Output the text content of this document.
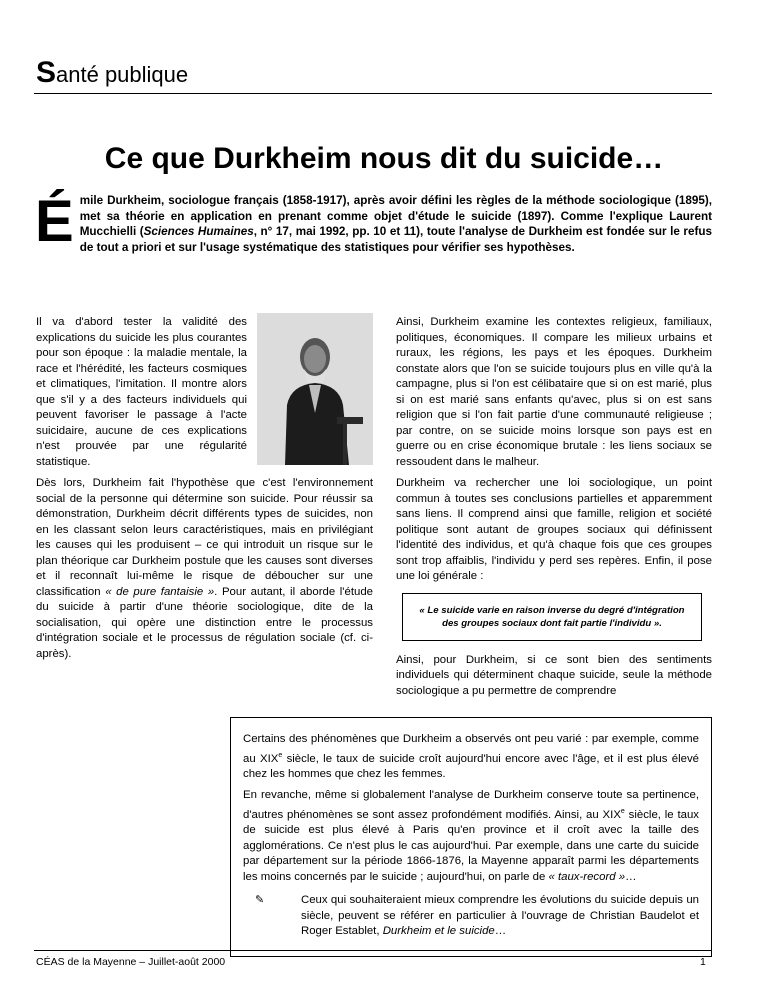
Santé publique
Ce que Durkheim nous dit du suicide…
Émile Durkheim, sociologue français (1858-1917), après avoir défini les règles de la méthode sociologique (1895), met sa théorie en application en prenant comme objet d'étude le suicide (1897). Comme l'explique Laurent Mucchielli (Sciences Humaines, n° 17, mai 1992, pp. 10 et 11), toute l'analyse de Durkheim est fondée sur le refus de tout a priori et sur l'usage systématique des statistiques pour vérifier ses hypothèses.

Il va d'abord tester la validité des explications du suicide les plus courantes pour son époque : la maladie mentale, la race et l'hérédité, les facteurs cosmiques et climatiques, l'imitation. Il montre alors que s'il y a des facteurs individuels qui peuvent favoriser le passage à l'acte suicidaire, aucune de ces explications n'est prouvée par une régularité statistique.

Dès lors, Durkheim fait l'hypothèse que c'est l'environnement social de la personne qui détermine son suicide. Pour réussir sa démonstration, Durkheim décrit différents types de suicides, non en les classant selon leurs caractéristiques, mais en privilégiant les causes qui les produisent – ce qui introduit un risque sur le plan théorique car Durkheim postule que les causes sont diverses et il reconnaît lui-même le risque de déboucher sur une classification « de pure fantaisie ». Pour autant, il aborde l'étude du suicide à partir d'une théorie sociologique, dite de la socialisation, qui opère une distinction entre le processus d'intégration sociale et le processus de régulation sociale (cf. ci-après).

Ainsi, Durkheim examine les contextes religieux, familiaux, politiques, économiques. Il compare les milieux urbains et ruraux, les régions, les pays et les époques. Durkheim constate alors que l'on se suicide toujours plus en ville qu'à la campagne, plus si l'on est célibataire que si on est marié, plus si on est marié sans enfants qu'avec, plus si on est sans religion que si l'on fait partie d'une communauté religieuse ; par contre, on se suicide moins lorsque son pays est en guerre ou en crise économique brutale : les liens sociaux se ressoudent dans le malheur.

Durkheim va rechercher une loi sociologique, un point commun à toutes ses conclusions partielles et apparemment sans liens. Il comprend ainsi que famille, religion et société politique sont autant de groupes sociaux qui définissent l'identité des individus, et qu'à chaque fois que ces groupes sont trop affaiblis, l'individu y perd ses repères. Enfin, il pose une loi générale :

« Le suicide varie en raison inverse du degré d'intégration des groupes sociaux dont fait partie l'individu ».

Ainsi, pour Durkheim, si ce sont bien des sentiments individuels qui déterminent chaque suicide, seule la méthode sociologique a pu permettre de comprendre

Certains des phénomènes que Durkheim a observés ont peu varié : par exemple, comme au XIXe siècle, le taux de suicide croît aujourd'hui encore avec l'âge, et il est plus élevé chez les hommes que chez les femmes.

En revanche, même si globalement l'analyse de Durkheim conserve toute sa pertinence, d'autres phénomènes se sont assez profondément modifiés. Ainsi, au XIXe siècle, le taux de suicide est plus élevé à Paris qu'en province et il croît avec la taille des agglomérations. Ce n'est plus le cas aujourd'hui. Par exemple, dans une carte du suicide par département sur la période 1866-1876, la Mayenne apparaît parmi les départements les moins concernés par le suicide ; aujourd'hui, on parle de « taux-record »…

✎	Ceux qui souhaiteraient mieux comprendre les évolutions du suicide depuis un siècle, peuvent se référer en particulier à l'ouvrage de Christian Baudelot et Roger Establet, Durkheim et le suicide…
CÉAS de la Mayenne – Juillet-août 2000	1
